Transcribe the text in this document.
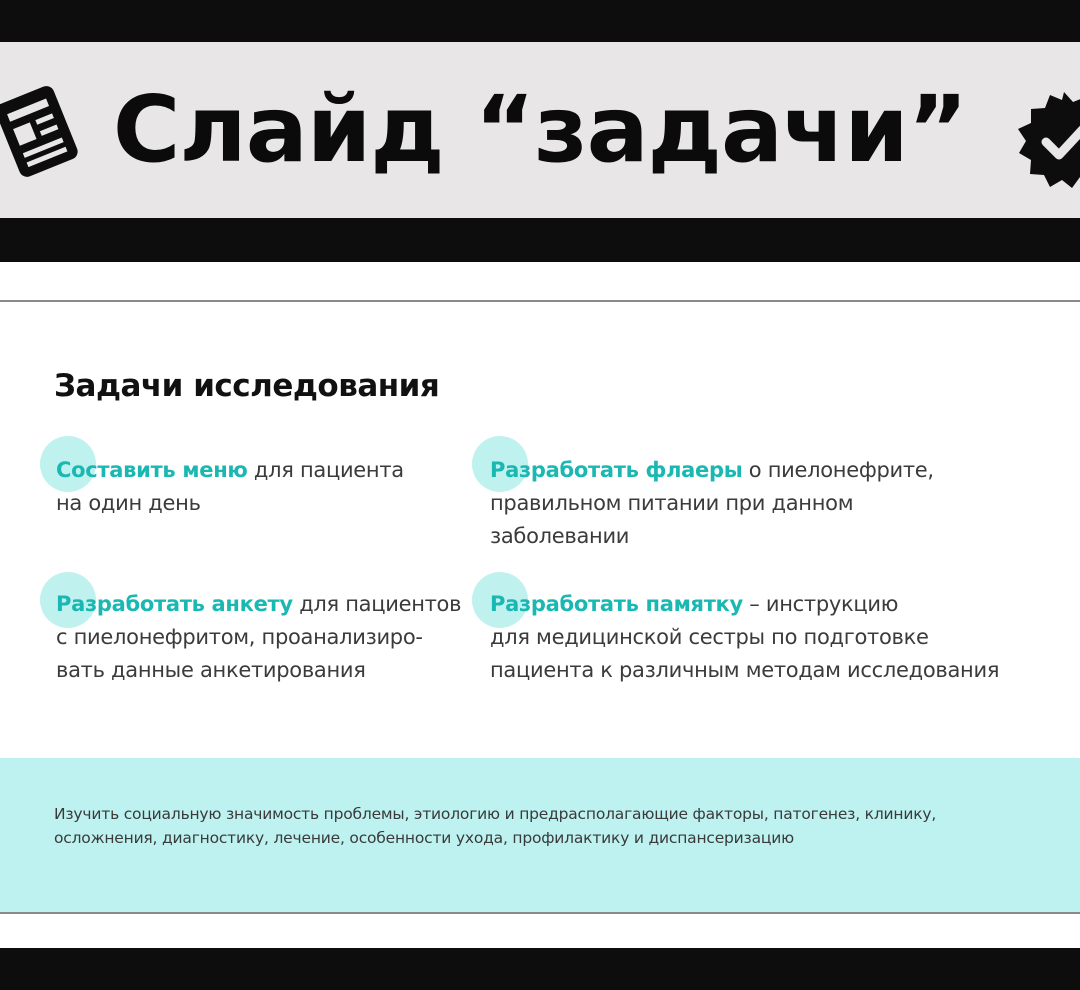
Слайд “задачи”
Задачи исследования
Составить меню для пациента
на один день
Разработать флаеры о пиелонефрите,
правильном питании при данном
заболевании
Разработать анкету для пациентов
с пиелонефритом, проанализиро-
вать данные анкетирования
Разработать памятку – инструкцию
для медицинской сестры по подготовке
пациента к различным методам исследования
Изучить социальную значимость проблемы, этиологию и предрасполагающие факторы, патогенез, клинику,
осложнения, диагностику, лечение, особенности ухода, профилактику и диспансеризацию
